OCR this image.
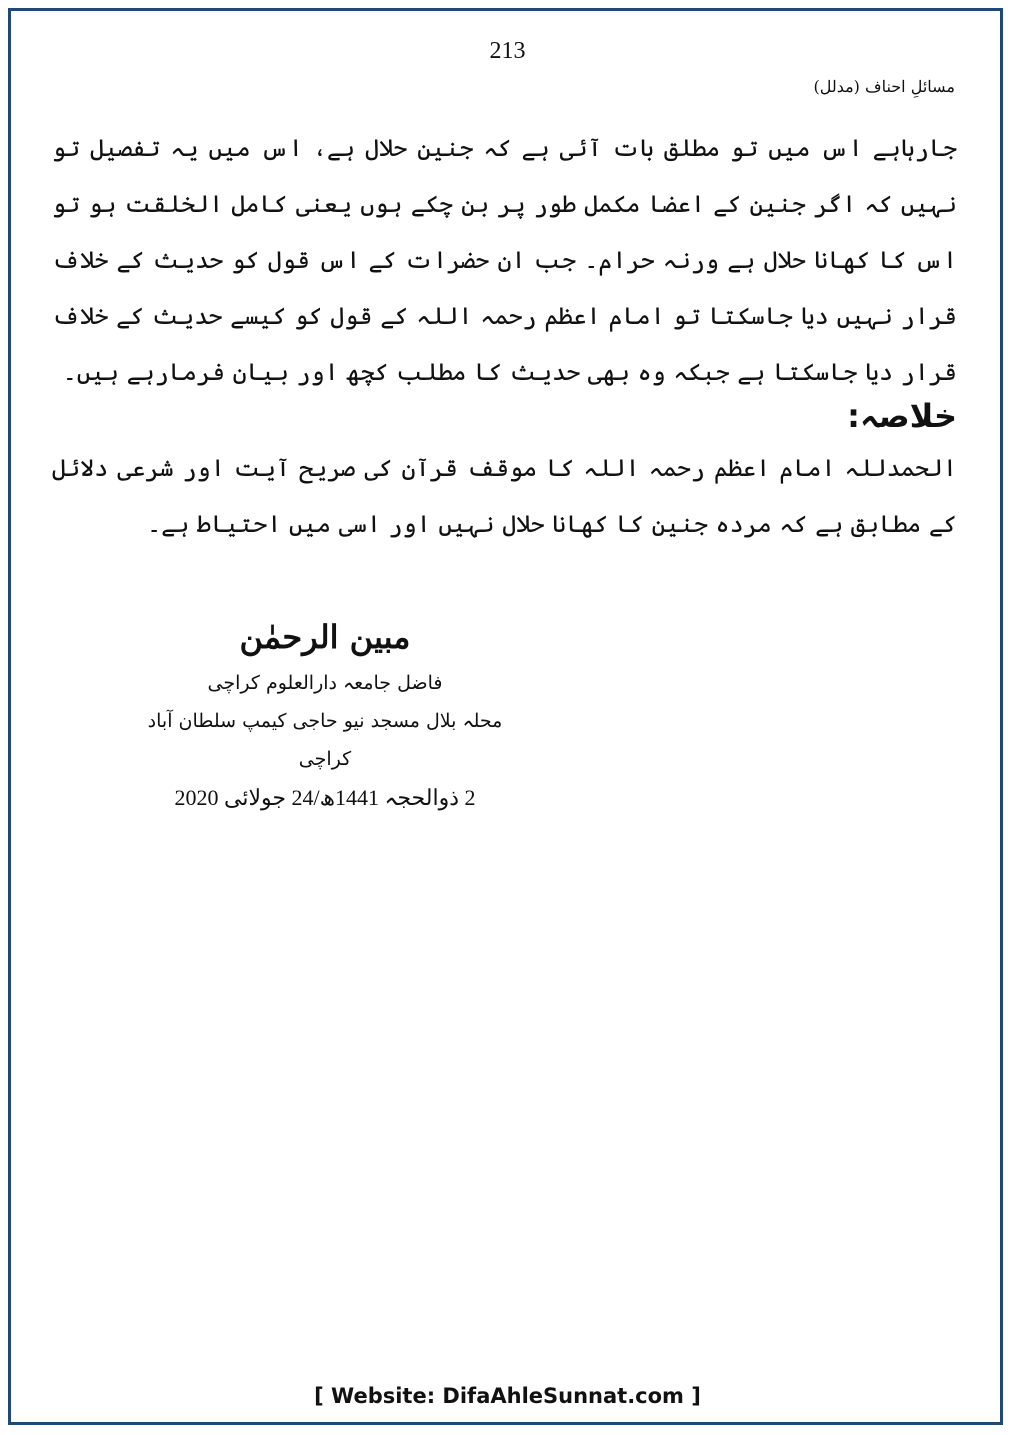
213
مسائلِ احناف (مدلل)
جارہاہے اس میں تو مطلق بات آئی ہے کہ جنین حلال ہے، اس میں یہ تفصیل تو نہیں کہ اگر جنین کے اعضا مکمل طور پر بن چکے ہوں یعنی کامل الخلقت ہو تو اس کا کھانا حلال ہے ورنہ حرام۔ جب ان حضرات کے اس قول کو حدیث کے خلاف قرار نہیں دیا جاسکتا تو امام اعظم رحمہ اللہ کے قول کو کیسے حدیث کے خلاف قرار دیا جاسکتا ہے جبکہ وہ بھی حدیث کا مطلب کچھ اور بیان فرمارہے ہیں۔
خلاصہ:
الحمدللہ امام اعظم رحمہ اللہ کا موقف قرآن کی صریح آیت اور شرعی دلائل کے مطابق ہے کہ مردہ جنین کا کھانا حلال نہیں اور اسی میں احتیاط ہے۔
مبین الرحمٰن
فاضل جامعہ دارالعلوم کراچی
محلہ بلال مسجد نیو حاجی کیمپ سلطان آباد کراچی
2 ذوالحجہ 1441ھ/24 جولائی 2020
[ Website: DifaAhleSunnat.com ]
